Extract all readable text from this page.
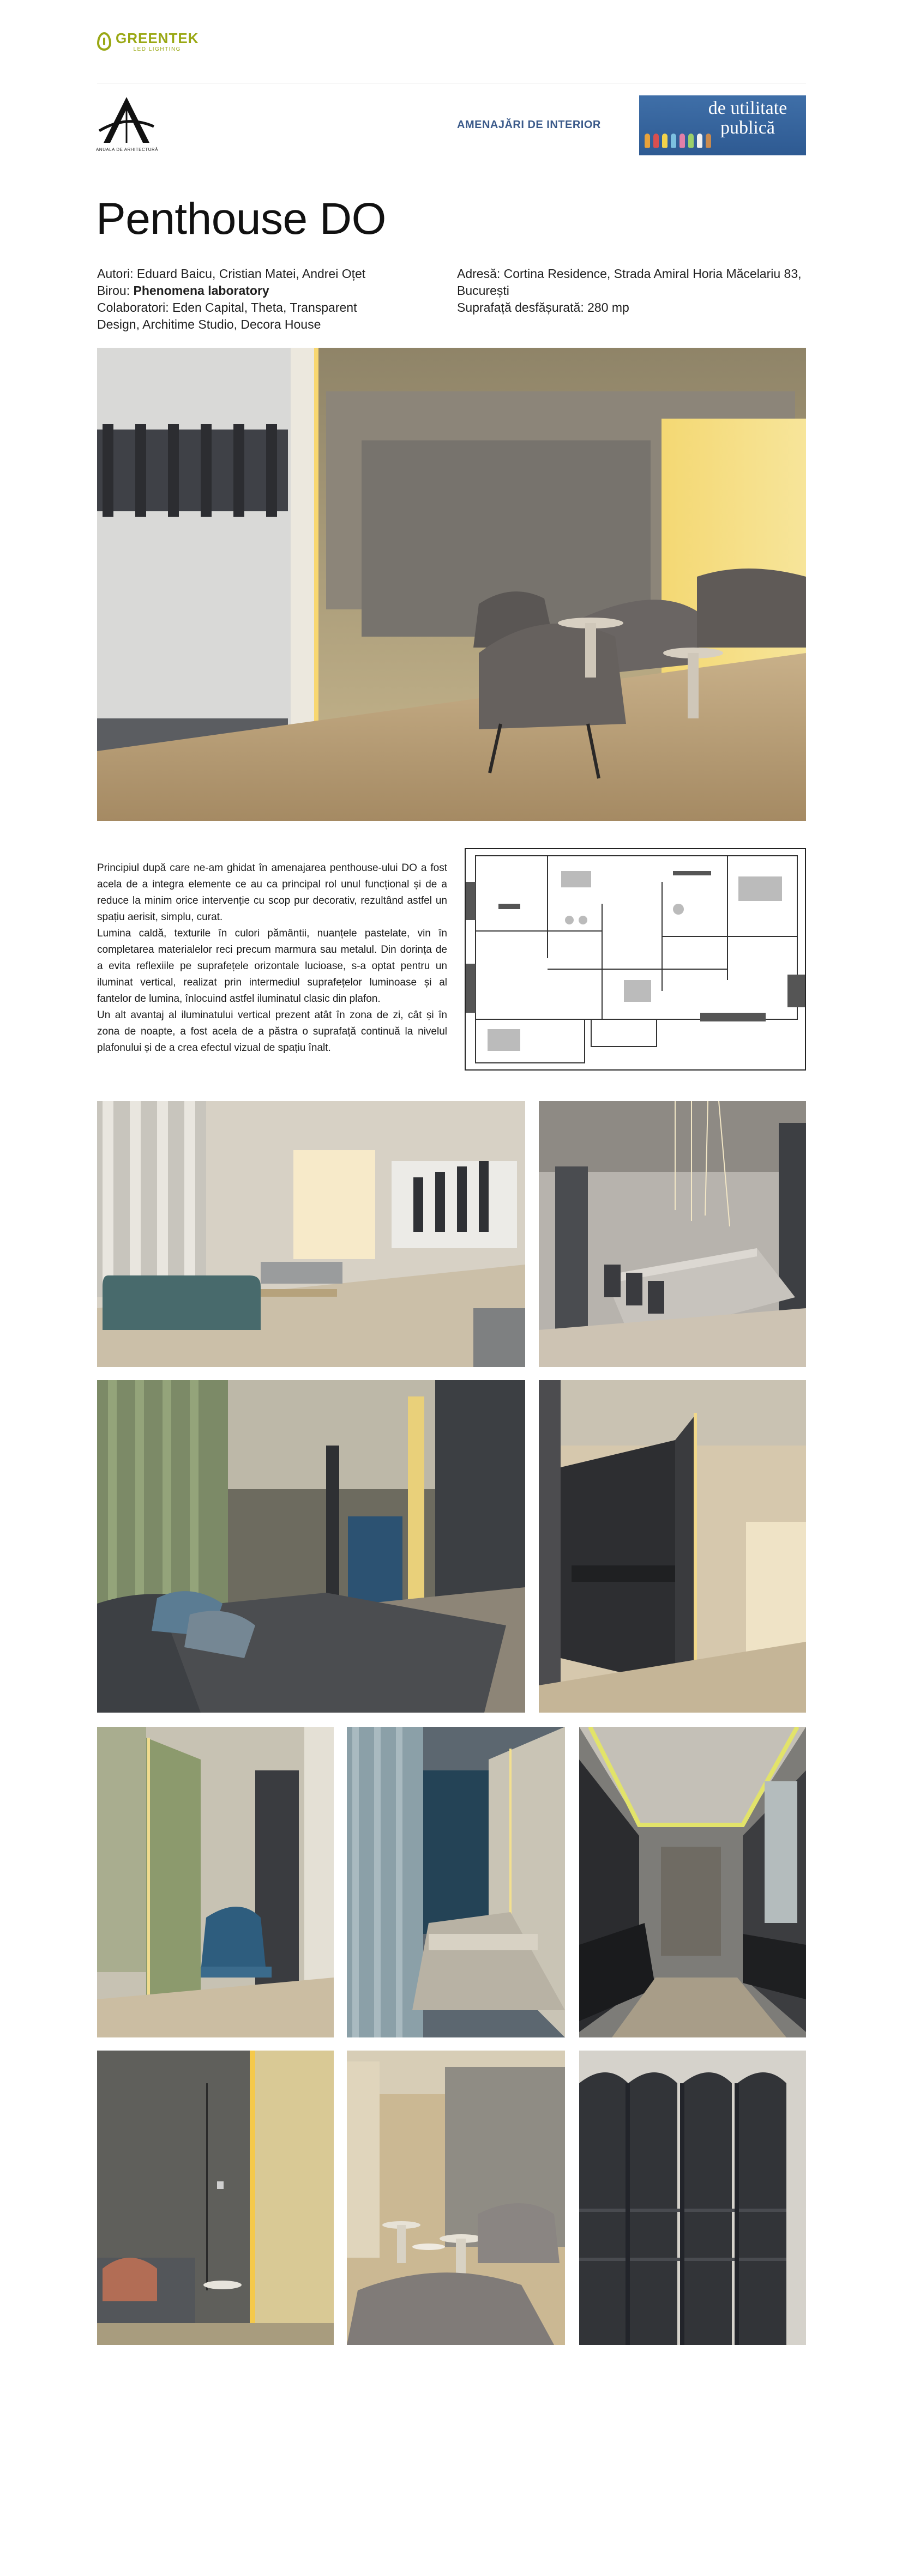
GREENTEK
LED LIGHTING
ANUALA DE ARHITECTURĂ
AMENAJĂRI DE INTERIOR
de utilitate
publică
Penthouse DO
Autori: Eduard Baicu, Cristian Matei, Andrei Oțet
Birou: Phenomena laboratory
Colaboratori: Eden Capital, Theta, Transparent Design, Architime Studio, Decora House
Adresă: Cortina Residence, Strada Amiral Horia Măcelariu 83, București
Suprafață desfășurată: 280 mp

Principiul după care ne-am ghidat în amenajarea penthouse-ului DO a fost acela de a integra elemente ce au ca principal rol unul funcțional și de a reduce la minim orice intervenție cu scop pur decorativ, rezultând astfel un spațiu aerisit, simplu, curat.

Lumina caldă, texturile în culori pământii, nuanțele pastelate, vin în completarea materialelor reci precum marmura sau metalul. Din dorința de a evita reflexiile pe suprafețele orizontale lucioase, s-a optat pentru un iluminat vertical, realizat prin intermediul suprafețelor luminoase și al fantelor de lumina, înlocuind astfel iluminatul clasic din plafon.

Un alt avantaj al iluminatului vertical prezent atât în zona de zi, cât și în zona de noapte, a fost acela de a păstra o suprafață continuă la nivelul plafonului și de a crea efectul vizual de spațiu înalt.
